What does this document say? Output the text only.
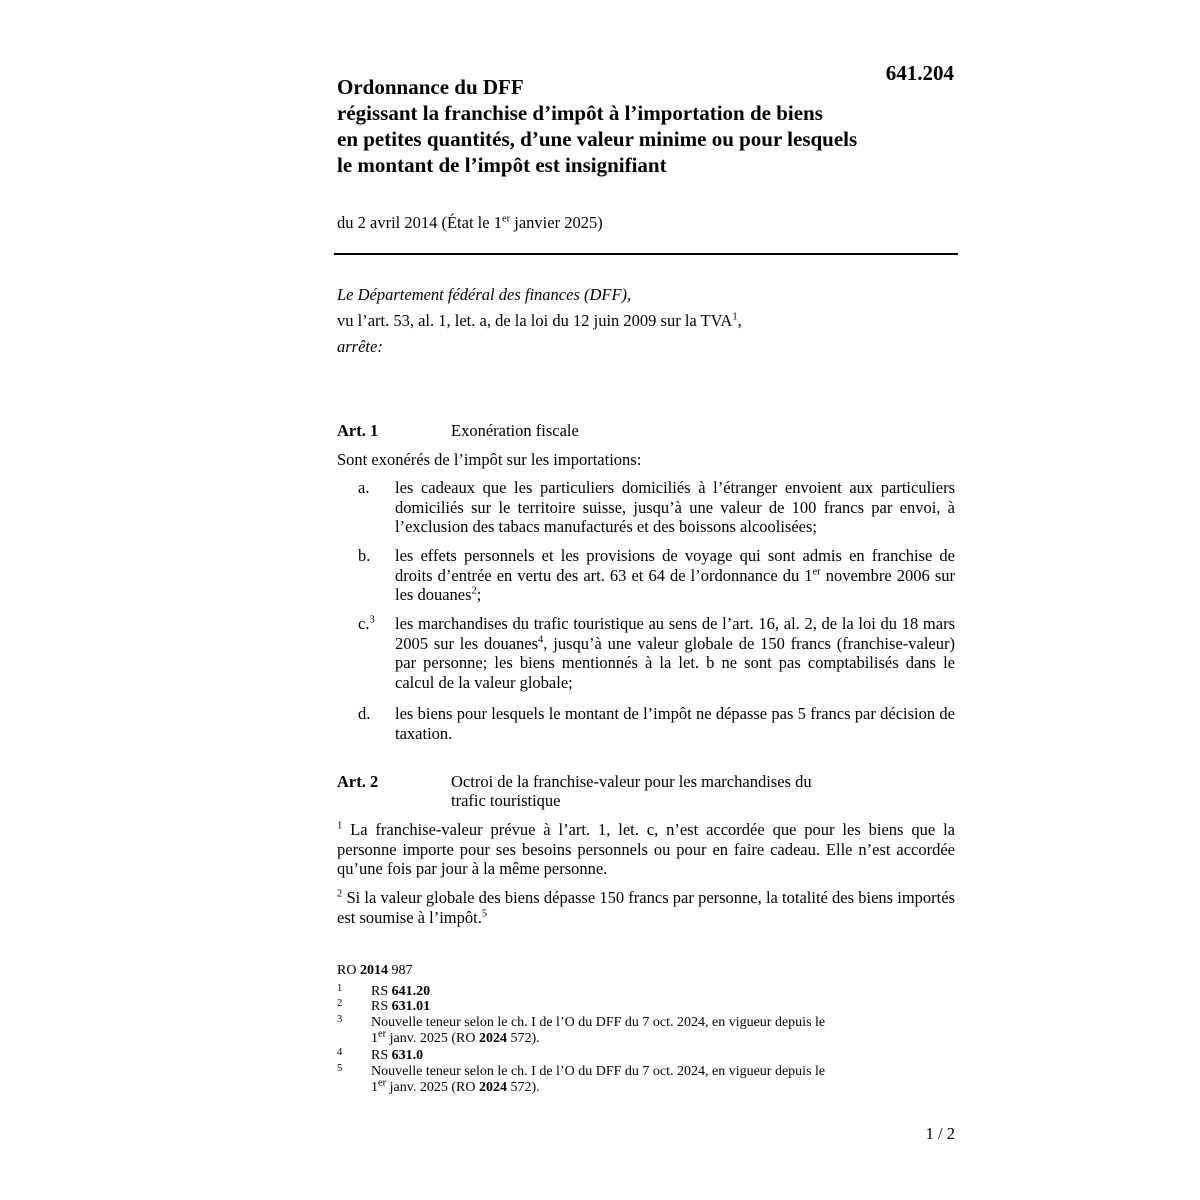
641.204
Ordonnance du DFF
régissant la franchise d’impôt à l’importation de biens
en petites quantités, d’une valeur minime ou pour lesquels
le montant de l’impôt est insignifiant
du 2 avril 2014 (État le 1er janvier 2025)
Le Département fédéral des finances (DFF),
vu l’art. 53, al. 1, let. a, de la loi du 12 juin 2009 sur la TVA$^1$,
arrête:
Art. 1	Exonération fiscale
Sont exonérés de l’impôt sur les importations:
a. les cadeaux que les particuliers domiciliés à l’étranger envoient aux particuliers domiciliés sur le territoire suisse, jusqu’à une valeur de 100 francs par envoi, à l’exclusion des tabacs manufacturés et des boissons alcoolisées;
b. les effets personnels et les provisions de voyage qui sont admis en franchise de droits d’entrée en vertu des art. 63 et 64 de l’ordonnance du 1er novembre 2006 sur les douanes$^2$;
c.$^3$ les marchandises du trafic touristique au sens de l’art. 16, al. 2, de la loi du 18 mars 2005 sur les douanes$^4$, jusqu’à une valeur globale de 150 francs (franchise-valeur) par personne; les biens mentionnés à la let. b ne sont pas comptabilisés dans le calcul de la valeur globale;
d. les biens pour lesquels le montant de l’impôt ne dépasse pas 5 francs par décision de taxation.
Art. 2	Octroi de la franchise-valeur pour les marchandises du
trafic touristique
$^1$ La franchise-valeur prévue à l’art. 1, let. c, n’est accordée que pour les biens que la personne importe pour ses besoins personnels ou pour en faire cadeau. Elle n’est accordée qu’une fois par jour à la même personne.
$^2$ Si la valeur globale des biens dépasse 150 francs par personne, la totalité des biens importés est soumise à l’impôt.$^5$
RO 2014 987
1 RS 641.20
2 RS 631.01
3 Nouvelle teneur selon le ch. I de l’O du DFF du 7 oct. 2024, en vigueur depuis le
1er janv. 2025 (RO 2024 572).
4 RS 631.0
5 Nouvelle teneur selon le ch. I de l’O du DFF du 7 oct. 2024, en vigueur depuis le
1er janv. 2025 (RO 2024 572).
1 / 2
